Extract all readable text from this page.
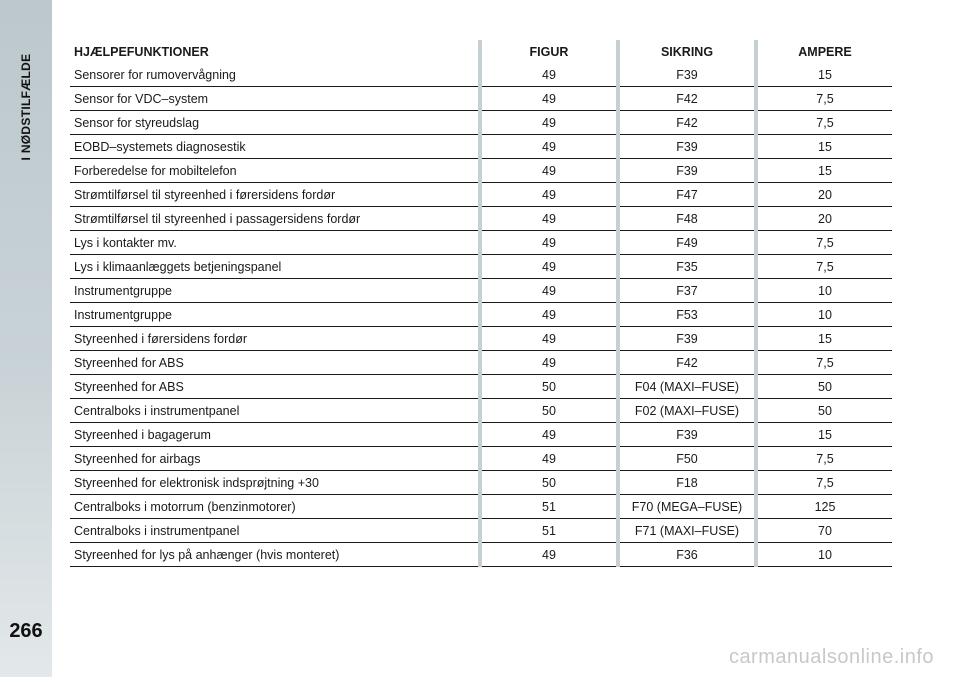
I NØDSTILFÆLDE
266
HJÆLPEFUNKTIONER		FIGUR		SIKRING		AMPERE
Sensorer for rumovervågning		49		F39		15
Sensor for VDC–system		49		F42		7,5
Sensor for styreudslag		49		F42		7,5
EOBD–systemets diagnosestik		49		F39		15
Forberedelse for mobiltelefon		49		F39		15
Strømtilførsel til styreenhed i førersidens fordør		49		F47		20
Strømtilførsel til styreenhed i passagersidens fordør		49		F48		20
Lys i kontakter mv.		49		F49		7,5
Lys i klimaanlæggets betjeningspanel		49		F35		7,5
Instrumentgruppe		49		F37		10
Instrumentgruppe		49		F53		10
Styreenhed i førersidens fordør		49		F39		15
Styreenhed for ABS		49		F42		7,5
Styreenhed for ABS		50		F04 (MAXI–FUSE)		50
Centralboks i instrumentpanel		50		F02 (MAXI–FUSE)		50
Styreenhed i bagagerum		49		F39		15
Styreenhed for airbags		49		F50		7,5
Styreenhed for elektronisk indsprøjtning +30		50		F18		7,5
Centralboks i motorrum (benzinmotorer)		51		F70 (MEGA–FUSE)		125
Centralboks i instrumentpanel		51		F71 (MAXI–FUSE)		70
Styreenhed for lys på anhænger (hvis monteret)		49		F36		10
carmanualsonline.info
